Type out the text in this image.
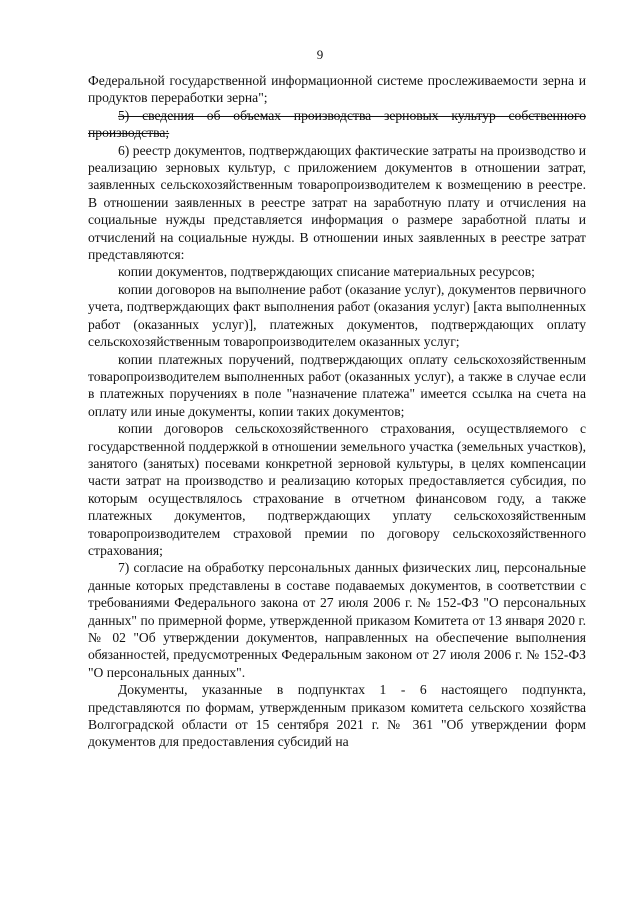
9

Федеральной государственной информационной системе прослеживаемости зерна и продуктов переработки зерна";

5) сведения об объемах производства зерновых культур собственного производства;

6) реестр документов, подтверждающих фактические затраты на производство и реализацию зерновых культур, с приложением документов в отношении затрат, заявленных сельскохозяйственным товаропроизводителем к возмещению в реестре. В отношении заявленных в реестре затрат на заработную плату и отчисления на социальные нужды представляется информация о размере заработной платы и отчислений на социальные нужды. В отношении иных заявленных в реестре затрат представляются:

копии документов, подтверждающих списание материальных ресурсов;

копии договоров на выполнение работ (оказание услуг), документов первичного учета, подтверждающих факт выполнения работ (оказания услуг) [акта выполненных работ (оказанных услуг)], платежных документов, подтверждающих оплату сельскохозяйственным товаропроизводителем оказанных услуг;

копии платежных поручений, подтверждающих оплату сельскохозяйственным товаропроизводителем выполненных работ (оказанных услуг), а также в случае если в платежных поручениях в поле "назначение платежа" имеется ссылка на счета на оплату или иные документы, копии таких документов;

копии договоров сельскохозяйственного страхования, осуществляемого с государственной поддержкой в отношении земельного участка (земельных участков), занятого (занятых) посевами конкретной зерновой культуры, в целях компенсации части затрат на производство и реализацию которых предоставляется субсидия, по которым осуществлялось страхование в отчетном финансовом году, а также платежных документов, подтверждающих уплату сельскохозяйственным товаропроизводителем страховой премии по договору сельскохозяйственного страхования;

7) согласие на обработку персональных данных физических лиц, персональные данные которых представлены в составе подаваемых документов, в соответствии с требованиями Федерального закона от 27 июля 2006 г. № 152-ФЗ "О персональных данных" по примерной форме, утвержденной приказом Комитета от 13 января 2020 г. № 02 "Об утверждении документов, направленных на обеспечение выполнения обязанностей, предусмотренных Федеральным законом от 27 июля 2006 г. № 152-ФЗ "О персональных данных".

Документы, указанные в подпунктах 1 - 6 настоящего подпункта, представляются по формам, утвержденным приказом комитета сельского хозяйства Волгоградской области от 15 сентября 2021 г. № 361 "Об утверждении форм документов для предоставления субсидий на
